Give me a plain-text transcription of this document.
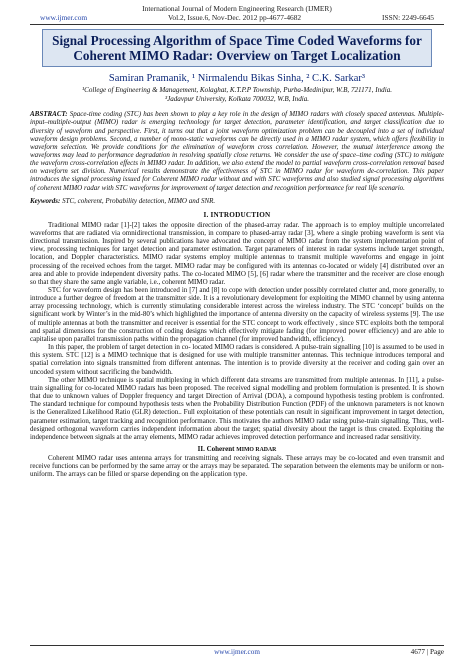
International Journal of Modern Engineering Research (IJMER)
www.ijmer.com	Vol.2, Issue.6, Nov-Dec. 2012 pp-4677-4682	ISSN: 2249-6645
Signal Processing Algorithm of Space Time Coded Waveforms for Coherent MIMO Radar: Overview on Target Localization
Samiran Pramanik, ¹ Nirmalendu Bikas Sinha, ² C.K. Sarkar³
¹College of Engineering & Management, Kolaghat, K.T.P.P Township, Purba-Medinipur, W.B, 721171, India.
³Jadavpur University, Kolkata 700032, W.B, India.
ABSTRACT: Space-time coding (STC) has been shown to play a key role in the design of MIMO radars with closely spaced antennas. Multiple-input–multiple-output (MIMO) radar is emerging technology for target detection, parameter identification, and target classification due to diversity of waveform and perspective. First, it turns out that a joint waveform optimization problem can be decoupled into a set of individual waveform design problems. Second, a number of mono-static waveforms can be directly used in a MIMO radar system, which offers flexibility in waveform selection. We provide conditions for the elimination of waveform cross correlation. However, the mutual interference among the waveforms may lead to performance degradation in resolving spatially close returns. We consider the use of space–time coding (STC) to mitigate the waveform cross-correlation effects in MIMO radar. In addition, we also extend the model to partial waveform cross-correlation removal based on waveform set division. Numerical results demonstrate the effectiveness of STC in MIMO radar for waveform de-correlation. This paper introduces the signal processing issued for Coherent MIMO radar without and with STC waveforms and also studied signal processing algorithms of coherent MIMO radar with STC waveforms for improvement of target detection and recognition performance for real life scenario.
Keywords: STC, coherent, Probability detection, MIMO and SNR.
I. INTRODUCTION

Traditional MIMO radar [1]-[2] takes the opposite direction of the phased-array radar. The approach is to employ multiple uncorrelated waveforms that are radiated via omnidirectional transmission, in compare to phased-array radar [3], where a single probing waveform is sent via directional transmission. Inspired by several publications have advocated the concept of MIMO radar from the system implementation point of view, processing techniques for target detection and parameter estimation. Target parameters of interest in radar systems include target strength, location, and Doppler characteristics. MIMO radar systems employ multiple antennas to transmit multiple waveforms and engage in joint processing of the received echoes from the target. MIMO radar may be configured with its antennas co-located or widely [4] distributed over an area and able to provide independent diversity paths. The co-located MIMO [5], [6] radar where the transmitter and the receiver are close enough so that they share the same angle variable, i.e., coherent MIMO radar.

STC for waveform design has been introduced in [7] and [8] to cope with detection under possibly correlated clutter and, more generally, to introduce a further degree of freedom at the transmitter side. It is a revolutionary development for exploiting the MIMO channel by using antenna array processing technology, which is currently stimulating considerable interest across the wireless industry. The STC ‘concept’ builds on the significant work by Winter’s in the mid-80’s which highlighted the importance of antenna diversity on the capacity of wireless systems [9]. The use of multiple antennas at both the transmitter and receiver is essential for the STC concept to work effectively , since STC exploits both the temporal and spatial dimensions for the construction of coding designs which effectively mitigate fading (for improved power efficiency) and are able to capitalise upon parallel transmission paths within the propagation channel (for improved bandwidth, efficiency).

In this paper, the problem of target detection in co- located MIMO radars is considered. A pulse-train signalling [10] is assumed to be used in this system. STC [12] is a MIMO technique that is designed for use with multiple transmitter antennas. This technique introduces temporal and spatial correlation into signals transmitted from different antennas. The intention is to provide diversity at the receiver and coding gain over an uncoded system without sacrificing the bandwidth.

The other MIMO technique is spatial multiplexing in which different data streams are transmitted from multiple antennas. In [11], a pulse-train signalling for co-located MIMO radars has been proposed. The received signal modelling and problem formulation is presented. It is shown that due to unknown values of Doppler frequency and target Direction of Arrival (DOA), a compound hypothesis testing problem is confronted. The standard technique for compound hypothesis tests when the Probability Distribution Function (PDF) of the unknown parameters is not known is the Generalized Likelihood Ratio (GLR) detection.. Full exploitation of these potentials can result in significant improvement in target detection, parameter estimation, target tracking and recognition performance. This motivates the authors MIMO radar using pulse-train signalling. Thus, well-designed orthogonal waveform carries independent information about the target; spatial diversity about the target is thus created. Exploiting the independence between signals at the array elements, MIMO radar achieves improved detection performance and increased radar sensitivity.

II. Coherent MIMO RADAR

Coherent MIMO radar uses antenna arrays for transmitting and receiving signals. These arrays may be co-located and even transmit and receive functions can be performed by the same array or the arrays may be separated. The separation between the elements may be uniform or non-uniform. The arrays can be filled or sparse depending on the application type.

www.ijmer.com	4677 | Page
